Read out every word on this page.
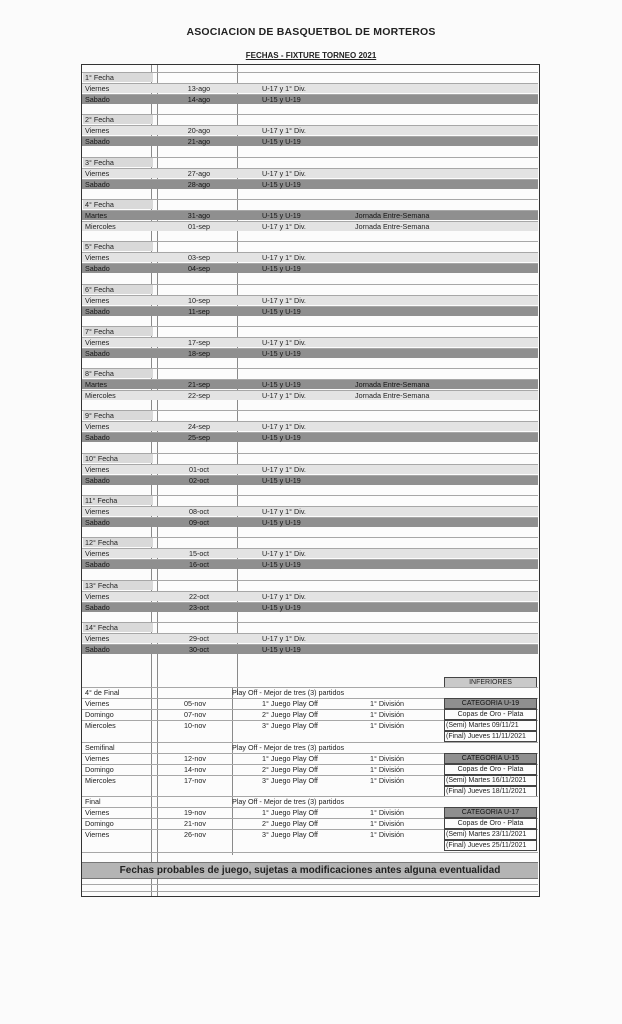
ASOCIACION DE BASQUETBOL DE MORTEROS
FECHAS - FIXTURE TORNEO 2021
1° Fecha
Viernes	13-ago	U-17 y 1° Div.
Sabado	14-ago	U-15 y U-19
2° Fecha
Viernes	20-ago	U-17 y 1° Div.
Sabado	21-ago	U-15 y U-19
3° Fecha
Viernes	27-ago	U-17 y 1° Div.
Sabado	28-ago	U-15 y U-19
4° Fecha
Martes	31-ago	U-15 y U-19	Jornada Entre-Semana
Miercoles	01-sep	U-17 y 1° Div.	Jornada Entre-Semana
5° Fecha
Viernes	03-sep	U-17 y 1° Div.
Sabado	04-sep	U-15 y U-19
6° Fecha
Viernes	10-sep	U-17 y 1° Div.
Sabado	11-sep	U-15 y U-19
7° Fecha
Viernes	17-sep	U-17 y 1° Div.
Sabado	18-sep	U-15 y U-19
8° Fecha
Martes	21-sep	U-15 y U-19	Jornada Entre-Semana
Miercoles	22-sep	U-17 y 1° Div.	Jornada Entre-Semana
9° Fecha
Viernes	24-sep	U-17 y 1° Div.
Sabado	25-sep	U-15 y U-19
10° Fecha
Viernes	01-oct	U-17 y 1° Div.
Sabado	02-oct	U-15 y U-19
11° Fecha
Viernes	08-oct	U-17 y 1° Div.
Sabado	09-oct	U-15 y U-19
12° Fecha
Viernes	15-oct	U-17 y 1° Div.
Sabado	16-oct	U-15 y U-19
13° Fecha
Viernes	22-oct	U-17 y 1° Div.
Sabado	23-oct	U-15 y U-19
14° Fecha
Viernes	29-oct	U-17 y 1° Div.
Sabado	30-oct	U-15 y U-19
INFERIORES
4° de Final	Play Off - Mejor de tres (3) partidos
Viernes	05-nov	1° Juego Play Off	1° División
Domingo	07-nov	2° Juego Play Off	1° División
Miercoles	10-nov	3° Juego Play Off	1° División
CATEGORIA U-19
Copas de Oro - Plata
(Semi) Martes 09/11/21
(Final) Jueves 11/11/2021
Semifinal	Play Off - Mejor de tres (3) partidos
Viernes	12-nov	1° Juego Play Off	1° División
Domingo	14-nov	2° Juego Play Off	1° División
Miercoles	17-nov	3° Juego Play Off	1° División
CATEGORIA U-15
Copas de Oro - Plata
(Semi) Martes 16/11/2021
(Final) Jueves 18/11/2021
Final	Play Off - Mejor de tres (3) partidos
Viernes	19-nov	1° Juego Play Off	1° División
Domingo	21-nov	2° Juego Play Off	1° División
Viernes	26-nov	3° Juego Play Off	1° División
CATEGORIA U-17
Copas de Oro - Plata
(Semi) Martes 23/11/2021
(Final) Jueves 25/11/2021
Fechas probables de juego, sujetas a modificaciones antes alguna eventualidad
